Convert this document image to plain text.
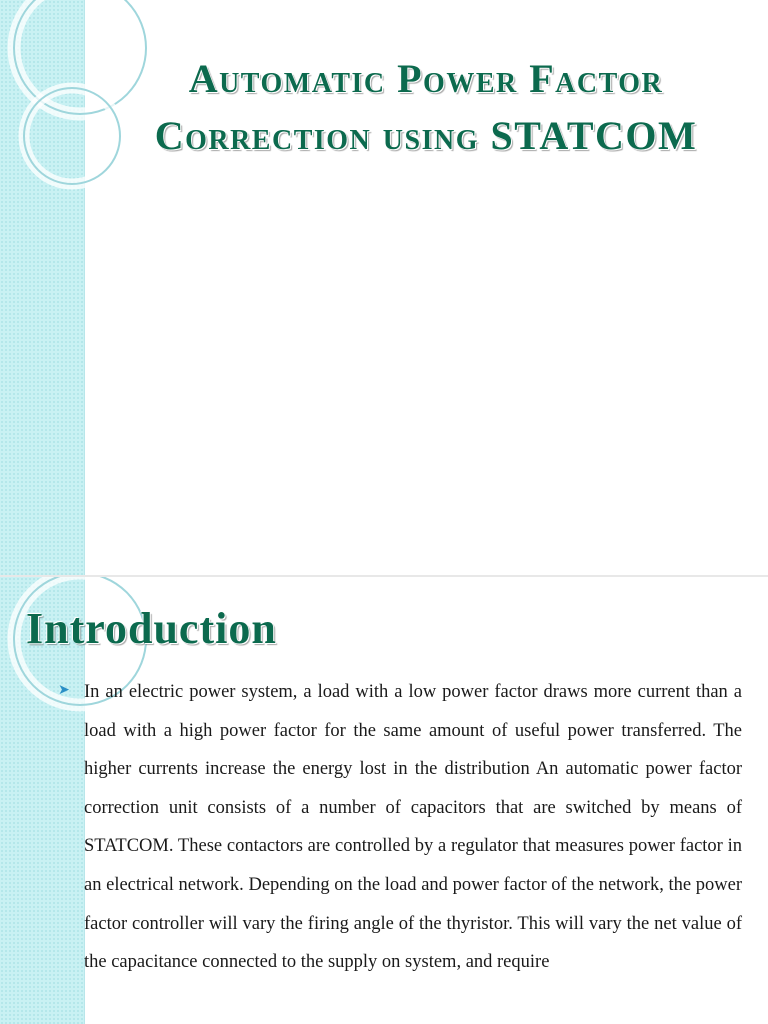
Automatic Power Factor Correction using STATCOM
Introduction
➤ In an electric power system, a load with a low power factor draws more current than a load with a high power factor for the same amount of useful power transferred. The higher currents increase the energy lost in the distribution An automatic power factor correction unit consists of a number of capacitors that are switched by means of STATCOM. These contactors are controlled by a regulator that measures power factor in an electrical network. Depending on the load and power factor of the network, the power factor controller will vary the firing angle of the thyristor. This will vary the net value of the capacitance connected to the supply on system, and require
